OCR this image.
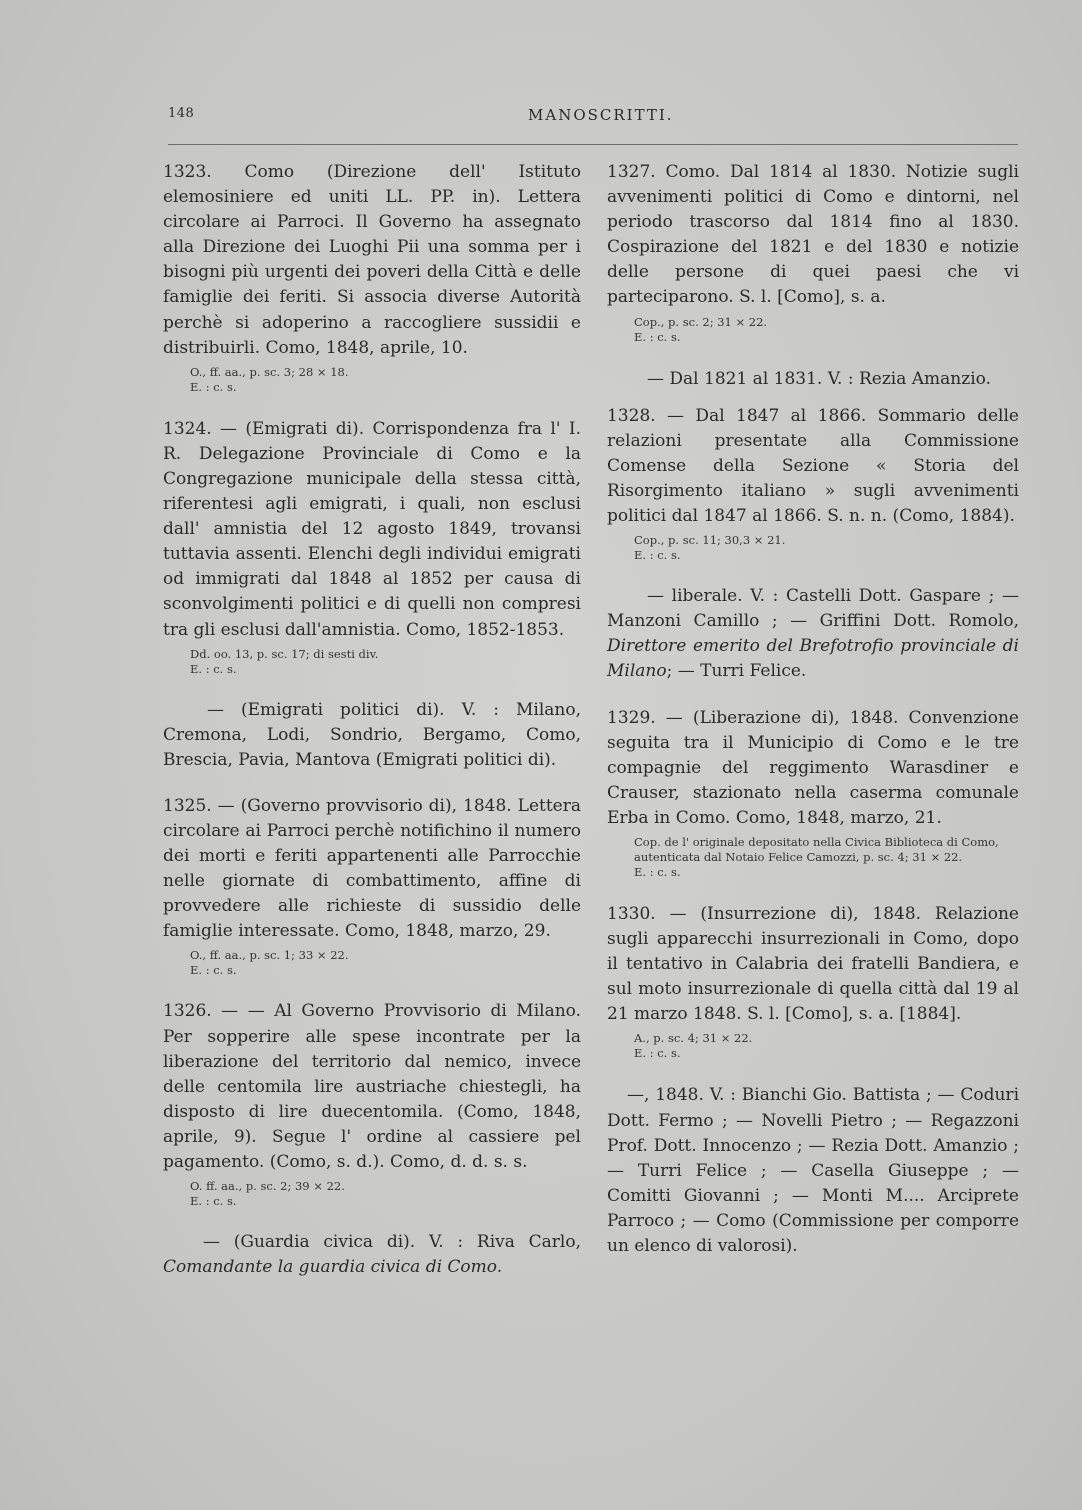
148	MANOSCRITTI.

1323. Como (Direzione dell' Istituto elemosiniere ed uniti LL. PP. in). Lettera circolare ai Parroci. Il Governo ha assegnato alla Direzione dei Luoghi Pii una somma per i bisogni più urgenti dei poveri della Città e delle famiglie dei feriti. Si associa diverse Autorità perchè si adoperino a raccogliere sussidii e distribuirli. Como, 1848, aprile, 10.

O., ff. aa., p. sc. 3; 28 × 18.
E. : c. s.

1324. — (Emigrati di). Corrispondenza fra l' I. R. Delegazione Provinciale di Como e la Congregazione municipale della stessa città, riferentesi agli emigrati, i quali, non esclusi dall' amnistia del 12 agosto 1849, trovansi tuttavia assenti. Elenchi degli individui emigrati od immigrati dal 1848 al 1852 per causa di sconvolgimenti politici e di quelli non compresi tra gli esclusi dall'amnistia. Como, 1852-1853.

Dd. oo. 13, p. sc. 17; di sesti div.
E. : c. s.

— (Emigrati politici di). V. : Milano, Cremona, Lodi, Sondrio, Bergamo, Como, Brescia, Pavia, Mantova (Emigrati politici di).

1325. — (Governo provvisorio di), 1848. Lettera circolare ai Parroci perchè notifichino il numero dei morti e feriti appartenenti alle Parrocchie nelle giornate di combattimento, affine di provvedere alle richieste di sussidio delle famiglie interessate. Como, 1848, marzo, 29.

O., ff. aa., p. sc. 1; 33 × 22.
E. : c. s.

1326. — — Al Governo Provvisorio di Milano. Per sopperire alle spese incontrate per la liberazione del territorio dal nemico, invece delle centomila lire austriache chiestegli, ha disposto di lire duecentomila. (Como, 1848, aprile, 9). Segue l' ordine al cassiere pel pagamento. (Como, s. d.). Como, d. d. s. s.

O. ff. aa., p. sc. 2; 39 × 22.
E. : c. s.

— (Guardia civica di). V. : Riva Carlo, Comandante la guardia civica di Como.

1327. Como. Dal 1814 al 1830. Notizie sugli avvenimenti politici di Como e dintorni, nel periodo trascorso dal 1814 fino al 1830. Cospirazione del 1821 e del 1830 e notizie delle persone di quei paesi che vi parteciparono. S. l. [Como], s. a.

Cop., p. sc. 2; 31 × 22.
E. : c. s.

— Dal 1821 al 1831. V. : Rezia Amanzio.

1328. — Dal 1847 al 1866. Sommario delle relazioni presentate alla Commissione Comense della Sezione « Storia del Risorgimento italiano » sugli avvenimenti politici dal 1847 al 1866. S. n. n. (Como, 1884).

Cop., p. sc. 11; 30,3 × 21.
E. : c. s.

— liberale. V. : Castelli Dott. Gaspare ; — Manzoni Camillo ; — Griffini Dott. Romolo, Direttore emerito del Brefotrofio provinciale di Milano; — Turri Felice.

1329. — (Liberazione di), 1848. Convenzione seguita tra il Municipio di Como e le tre compagnie del reggimento Warasdiner e Crauser, stazionato nella caserma comunale Erba in Como. Como, 1848, marzo, 21.

Cop. de l' originale depositato nella Civica Biblioteca di Como, autenticata dal Notaio Felice Camozzi, p. sc. 4; 31 × 22.
E. : c. s.

1330. — (Insurrezione di), 1848. Relazione sugli apparecchi insurrezionali in Como, dopo il tentativo in Calabria dei fratelli Bandiera, e sul moto insurrezionale di quella città dal 19 al 21 marzo 1848. S. l. [Como], s. a. [1884].

A., p. sc. 4; 31 × 22.
E. : c. s.

—, 1848. V. : Bianchi Gio. Battista ; — Coduri Dott. Fermo ; — Novelli Pietro ; — Regazzoni Prof. Dott. Innocenzo ; — Rezia Dott. Amanzio ; — Turri Felice ; — Casella Giuseppe ; — Comitti Giovanni ; — Monti M.... Arciprete Parroco ; — Como (Commissione per comporre un elenco di valorosi).
